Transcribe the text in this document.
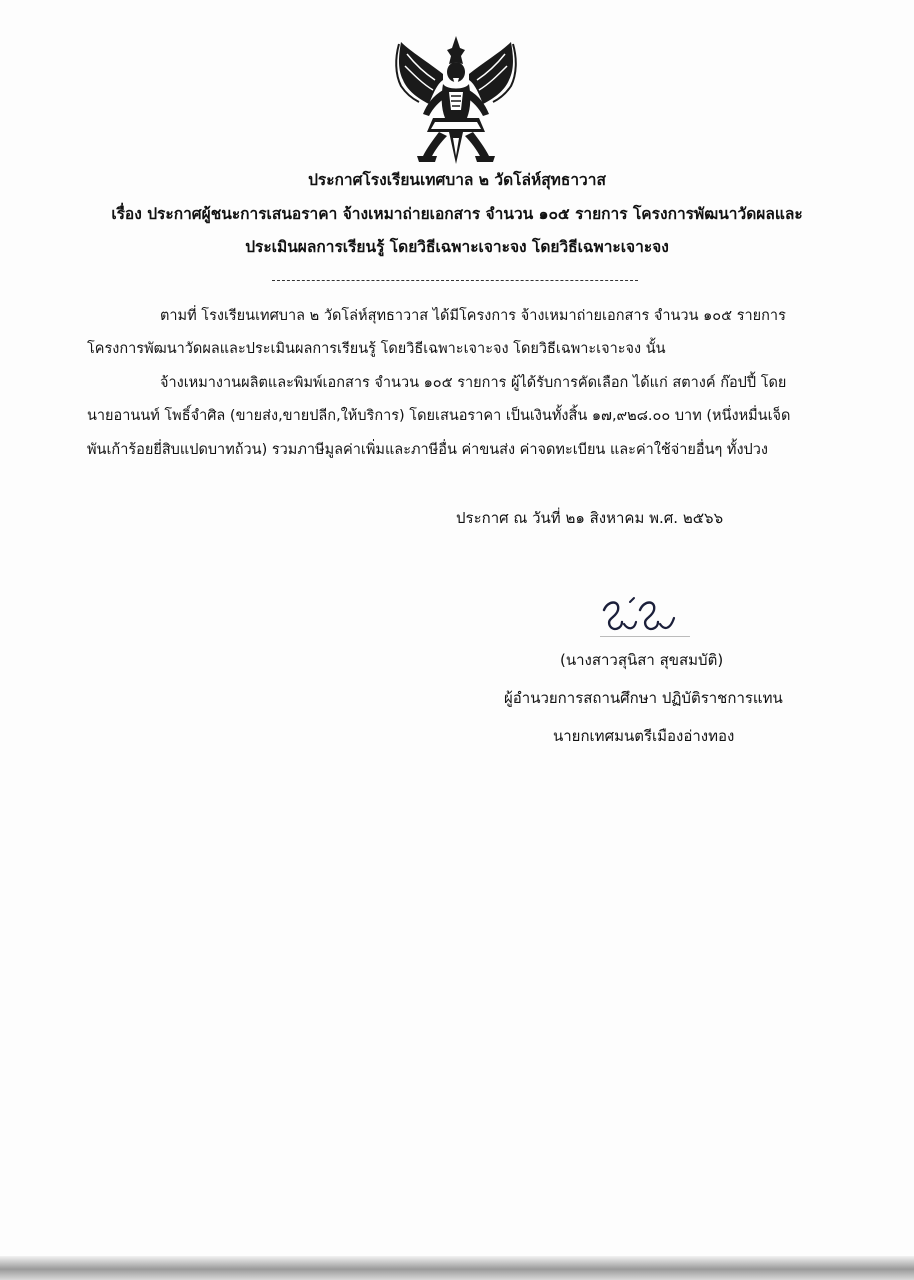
ประกาศโรงเรียนเทศบาล ๒ วัดโล่ห์สุทธาวาส
เรื่อง ประกาศผู้ชนะการเสนอราคา จ้างเหมาถ่ายเอกสาร จำนวน ๑๐๕ รายการ โครงการพัฒนาวัดผลและ
ประเมินผลการเรียนรู้ โดยวิธีเฉพาะเจาะจง โดยวิธีเฉพาะเจาะจง
ตามที่ โรงเรียนเทศบาล ๒ วัดโล่ห์สุทธาวาส ได้มีโครงการ จ้างเหมาถ่ายเอกสาร จำนวน ๑๐๕ รายการ
โครงการพัฒนาวัดผลและประเมินผลการเรียนรู้ โดยวิธีเฉพาะเจาะจง โดยวิธีเฉพาะเจาะจง นั้น
จ้างเหมางานผลิตและพิมพ์เอกสาร จำนวน ๑๐๕ รายการ ผู้ได้รับการคัดเลือก ได้แก่ สตางค์ ก๊อปปี้ โดย
นายอานนท์ โพธิ์จำศิล (ขายส่ง,ขายปลีก,ให้บริการ) โดยเสนอราคา เป็นเงินทั้งสิ้น ๑๗,๙๒๘.๐๐ บาท (หนึ่งหมื่นเจ็ด
พันเก้าร้อยยี่สิบแปดบาทถ้วน) รวมภาษีมูลค่าเพิ่มและภาษีอื่น ค่าขนส่ง ค่าจดทะเบียน และค่าใช้จ่ายอื่นๆ ทั้งปวง
ประกาศ ณ วันที่ ๒๑ สิงหาคม พ.ศ. ๒๕๖๖
(นางสาวสุนิสา สุขสมบัติ)
ผู้อำนวยการสถานศึกษา ปฏิบัติราชการแทน
นายกเทศมนตรีเมืองอ่างทอง
